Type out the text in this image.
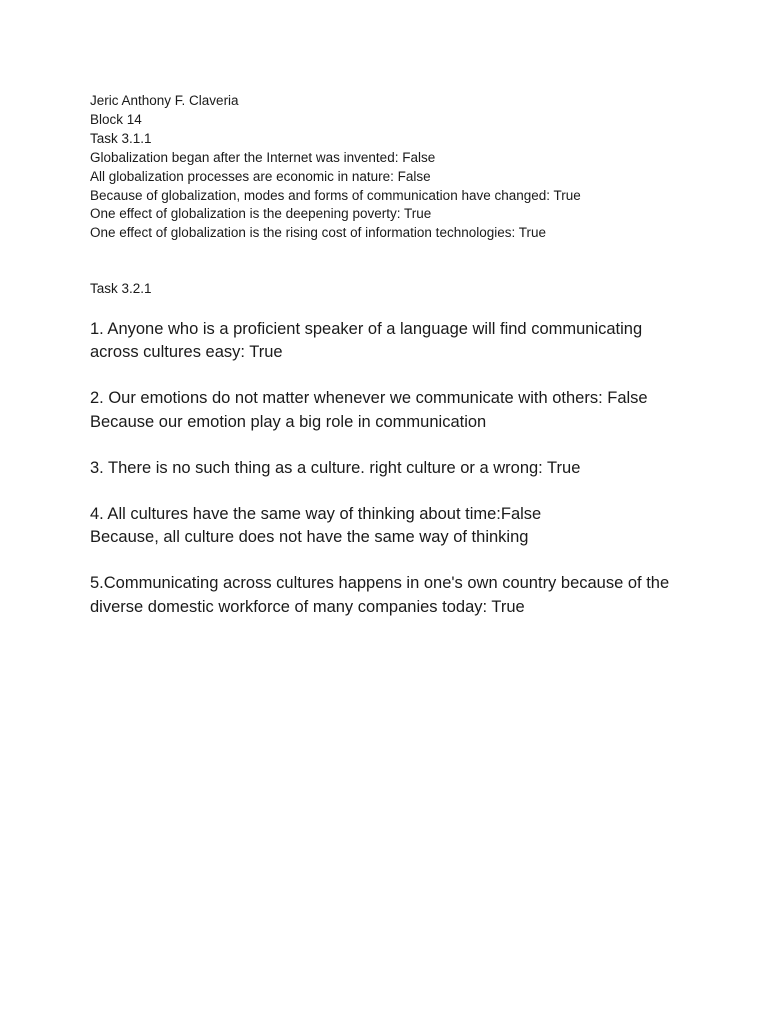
Jeric Anthony F. Claveria

Block 14

Task 3.1.1

Globalization began after the Internet was invented: False

All globalization processes are economic in nature: False

Because of globalization, modes and forms of communication have changed: True

One effect of globalization is the deepening poverty: True

One effect of globalization is the rising cost of information technologies: True

Task 3.2.1

1. Anyone who is a proficient speaker of a language will find communicating across cultures easy: True

2. Our emotions do not matter whenever we communicate with others: False

Because our emotion play a big role in communication

3. There is no such thing as a culture. right culture or a wrong: True

4. All cultures have the same way of thinking about time:False

Because, all culture does not have the same way of thinking

5.Communicating across cultures happens in one's own country because of the diverse domestic workforce of many companies today: True
